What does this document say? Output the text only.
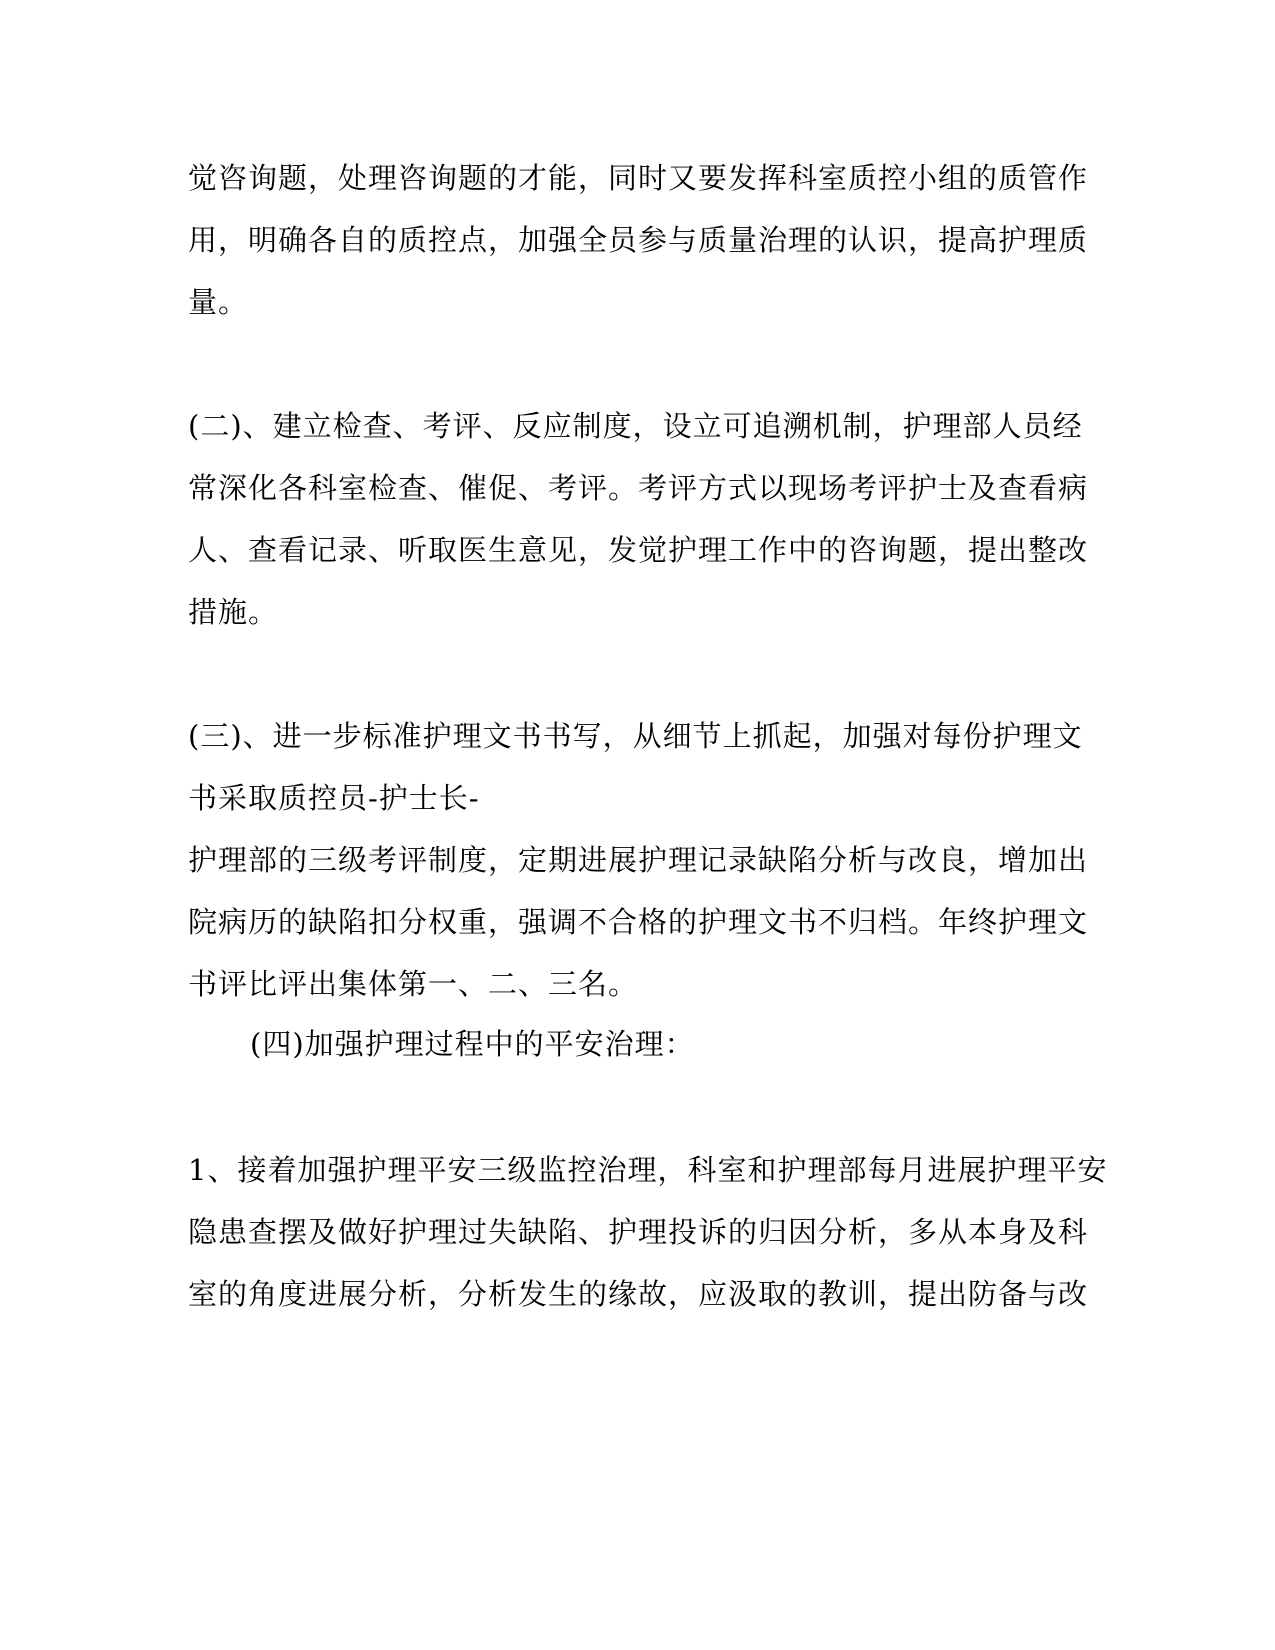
觉咨询题，处理咨询题的才能，同时又要发挥科室质控小组的质管作
用，明确各自的质控点，加强全员参与质量治理的认识，提高护理质
量。
(二)、建立检查、考评、反应制度，设立可追溯机制，护理部人员经
常深化各科室检查、催促、考评。考评方式以现场考评护士及查看病
人、查看记录、听取医生意见，发觉护理工作中的咨询题，提出整改
措施。
(三)、进一步标准护理文书书写，从细节上抓起，加强对每份护理文
书采取质控员-护士长-
护理部的三级考评制度，定期进展护理记录缺陷分析与改良，增加出
院病历的缺陷扣分权重，强调不合格的护理文书不归档。年终护理文
书评比评出集体第一、二、三名。
(四)加强护理过程中的平安治理：
1、接着加强护理平安三级监控治理，科室和护理部每月进展护理平安
隐患查摆及做好护理过失缺陷、护理投诉的归因分析，多从本身及科
室的角度进展分析，分析发生的缘故，应汲取的教训，提出防备与改
